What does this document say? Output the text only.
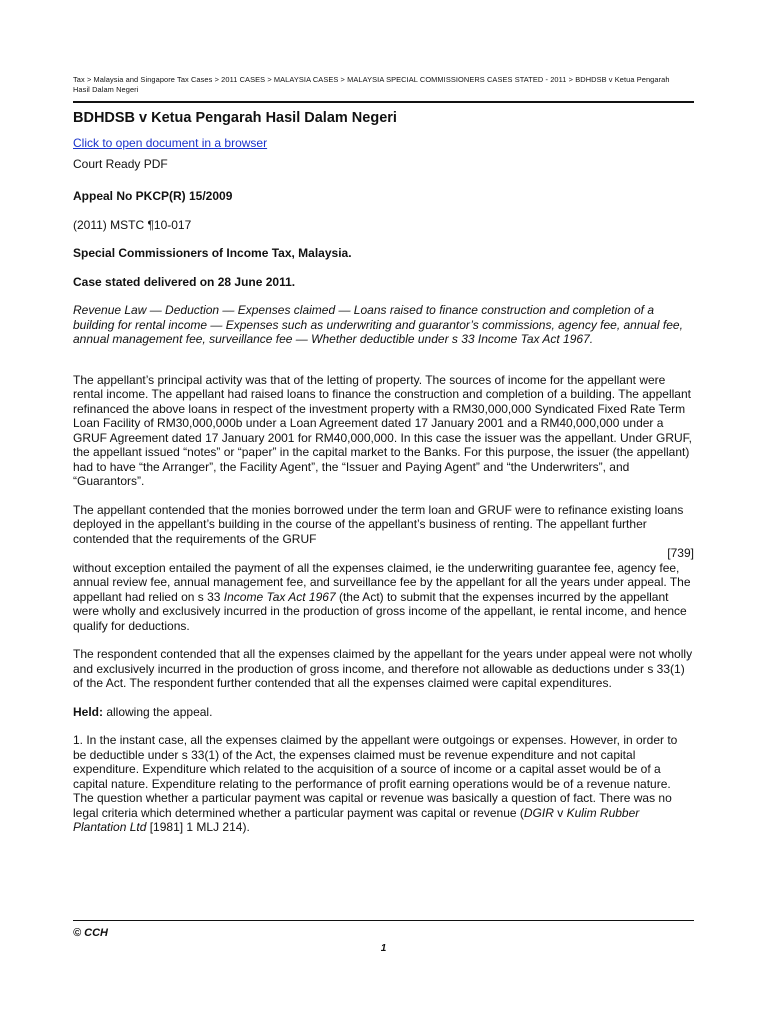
Tax > Malaysia and Singapore Tax Cases > 2011 CASES > MALAYSIA CASES > MALAYSIA SPECIAL COMMISSIONERS CASES STATED - 2011 > BDHDSB v Ketua Pengarah
Hasil Dalam Negeri
BDHDSB v Ketua Pengarah Hasil Dalam Negeri

Click to open document in a browser

Court Ready PDF

Appeal No PKCP(R) 15/2009

(2011) MSTC ¶10-017

Special Commissioners of Income Tax, Malaysia.

Case stated delivered on 28 June 2011.

Revenue Law — Deduction — Expenses claimed — Loans raised to finance construction and completion of a building for rental income — Expenses such as underwriting and guarantor’s commissions, agency fee, annual fee, annual management fee, surveillance fee — Whether deductible under s 33 Income Tax Act 1967.

The appellant’s principal activity was that of the letting of property. The sources of income for the appellant were rental income. The appellant had raised loans to finance the construction and completion of a building. The appellant refinanced the above loans in respect of the investment property with a RM30,000,000 Syndicated Fixed Rate Term Loan Facility of RM30,000,000b under a Loan Agreement dated 17 January 2001 and a RM40,000,000 under a GRUF Agreement dated 17 January 2001 for RM40,000,000. In this case the issuer was the appellant. Under GRUF, the appellant issued “notes” or “paper” in the capital market to the Banks. For this purpose, the issuer (the appellant) had to have “the Arranger”, the Facility Agent”, the “Issuer and Paying Agent” and “the Underwriters”, and “Guarantors”.

The appellant contended that the monies borrowed under the term loan and GRUF were to refinance existing loans deployed in the appellant’s building in the course of the appellant’s business of renting. The appellant further contended that the requirements of the GRUF

[739]

without exception entailed the payment of all the expenses claimed, ie the underwriting guarantee fee, agency fee, annual review fee, annual management fee, and surveillance fee by the appellant for all the years under appeal. The appellant had relied on s 33 Income Tax Act 1967 (the Act) to submit that the expenses incurred by the appellant were wholly and exclusively incurred in the production of gross income of the appellant, ie rental income, and hence qualify for deductions.

The respondent contended that all the expenses claimed by the appellant for the years under appeal were not wholly and exclusively incurred in the production of gross income, and therefore not allowable as deductions under s 33(1) of the Act. The respondent further contended that all the expenses claimed were capital expenditures.

Held: allowing the appeal.

1. In the instant case, all the expenses claimed by the appellant were outgoings or expenses. However, in order to be deductible under s 33(1) of the Act, the expenses claimed must be revenue expenditure and not capital expenditure. Expenditure which related to the acquisition of a source of income or a capital asset would be of a capital nature. Expenditure relating to the performance of profit earning operations would be of a revenue nature. The question whether a particular payment was capital or revenue was basically a question of fact. There was no legal criteria which determined whether a particular payment was capital or revenue (DGIR v Kulim Rubber Plantation Ltd [1981] 1 MLJ 214).

© CCH
1
